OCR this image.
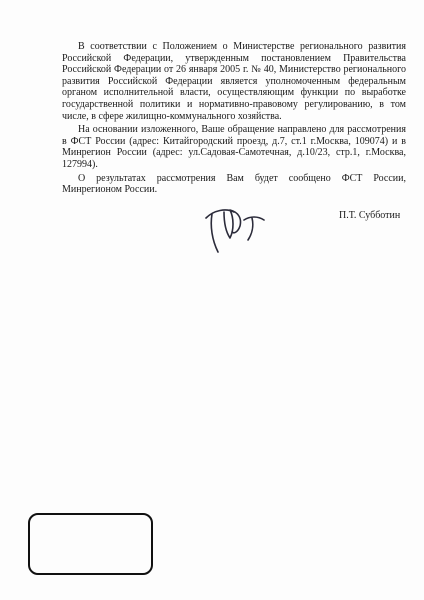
В соответствии с Положением о Министерстве регионального развития Российской Федерации, утвержденным постановлением Правительства Российской Федерации от 26 января 2005 г. № 40, Министерство регионального развития Российской Федерации является уполномоченным федеральным органом исполнительной власти, осуществляющим функции по выработке государственной политики и нормативно-правовому регулированию, в том числе, в сфере жилищно-коммунального хозяйства.

На основании изложенного, Ваше обращение направлено для рассмотрения в ФСТ России (адрес: Китайгородский проезд, д.7, ст.1 г.Москва, 109074) и в Минрегион России (адрес: ул.Садовая-Самотечная, д.10/23, стр.1, г.Москва, 127994).

О результатах рассмотрения Вам будет сообщено ФСТ России, Минрегионом России.

П.Т. Субботин
